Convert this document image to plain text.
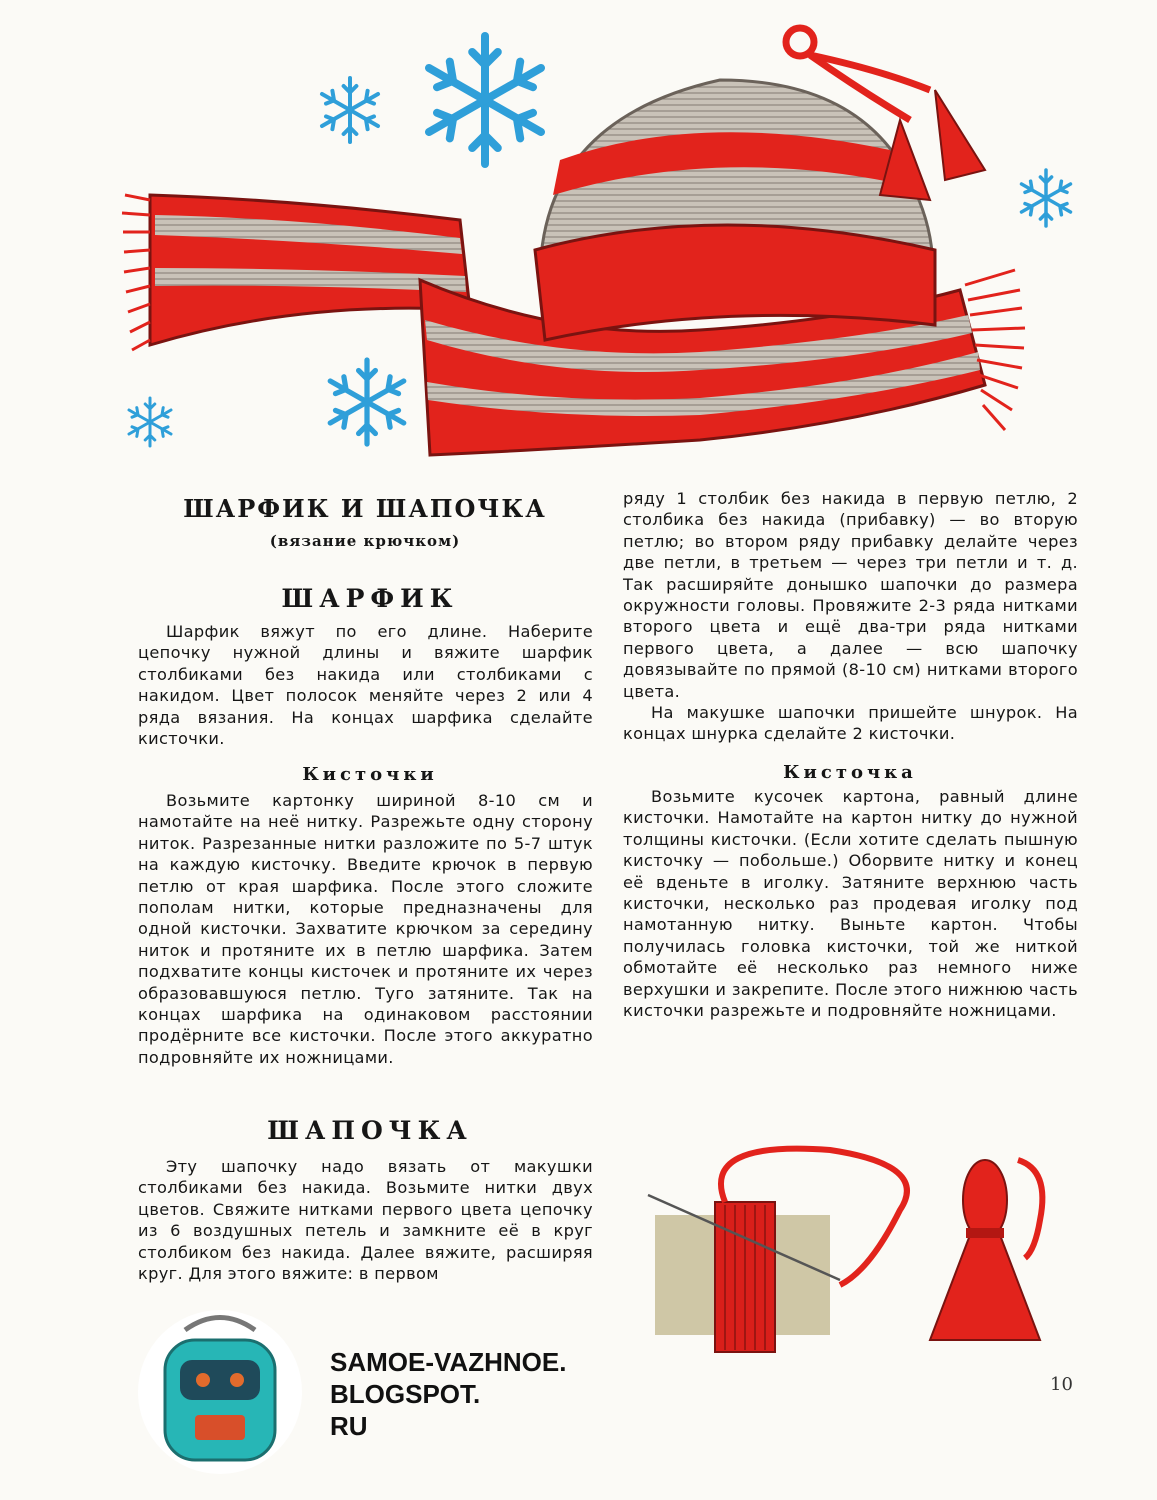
ШАРФИК И ШАПОЧКА
(вязание крючком)
ШАРФИК

Шарфик вяжут по его длине. Наберите цепочку нужной длины и вяжите шарфик столбиками без накида или столбиками с накидом. Цвет полосок меняйте через 2 или 4 ряда вязания. На концах шарфика сделайте кисточки.

Кисточки

Возьмите картонку шириной 8-10 см и намотайте на неё нитку. Разрежьте одну сторону ниток. Разрезанные нитки разложите по 5-7 штук на каждую кисточку. Введите крючок в первую петлю от края шарфика. После этого сложите пополам нитки, которые предназначены для одной кисточки. Захватите крючком за середину ниток и протяните их в петлю шарфика. Затем подхватите концы кисточек и протяните их через образовавшуюся петлю. Туго затяните. Так на концах шарфика на одинаковом расстоянии продёрните все кисточки. После этого аккуратно подровняйте их ножницами.

ШАПОЧКА

Эту шапочку надо вязать от макушки столбиками без накида. Возьмите нитки двух цветов. Свяжите нитками первого цвета цепочку из 6 воздушных петель и замкните её в круг столбиком без накида. Далее вяжите, расширяя круг. Для этого вяжите: в первом

ряду 1 столбик без накида в первую петлю, 2 столбика без накида (прибавку) — во вторую петлю; во втором ряду прибавку делайте через две петли, в третьем — через три петли и т. д. Так расширяйте донышко шапочки до размера окружности головы. Провяжите 2-3 ряда нитками второго цвета и ещё два-три ряда нитками первого цвета, а далее — всю шапочку довязывайте по прямой (8-10 см) нитками второго цвета.

На макушке шапочки пришейте шнурок. На концах шнурка сделайте 2 кисточки.

Кисточка

Возьмите кусочек картона, равный длине кисточки. Намотайте на картон нитку до нужной толщины кисточки. (Если хотите сделать пышную кисточку — побольше.) Оборвите нитку и конец её вденьте в иголку. Затяните верхнюю часть кисточки, несколько раз продевая иголку под намотанную нитку. Выньте картон. Чтобы получилась головка кисточки, той же ниткой обмотайте её несколько раз немного ниже верхушки и закрепите. После этого нижнюю часть кисточки разрежьте и подровняйте ножницами.

SAMOE-VAZHNOE.
BLOGSPOT.
RU
10
